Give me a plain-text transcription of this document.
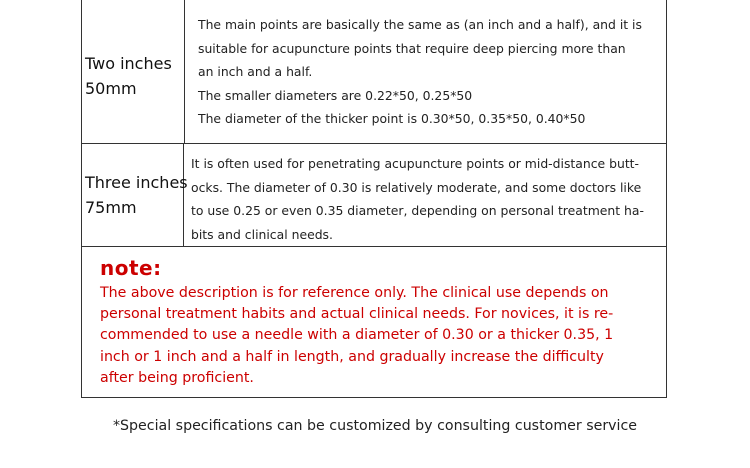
Two inches
50mm
The main points are basically the same as (an inch and a half), and it is
suitable for acupuncture points that require deep piercing more than
an inch and a half.
The smaller diameters are 0.22*50, 0.25*50
The diameter of the thicker point is 0.30*50, 0.35*50, 0.40*50
Three inches
75mm
It is often used for penetrating acupuncture points or mid-distance butt-
ocks. The diameter of 0.30 is relatively moderate, and some doctors like
to use 0.25 or even 0.35 diameter, depending on personal treatment ha-
bits and clinical needs.
note:
The above description is for reference only. The clinical use depends on
personal treatment habits and actual clinical needs. For novices, it is re-
commended to use a needle with a diameter of 0.30 or a thicker 0.35, 1
inch or 1 inch and a half in length, and gradually increase the difficulty
after being proficient.
*Special specifications can be customized by consulting customer service
